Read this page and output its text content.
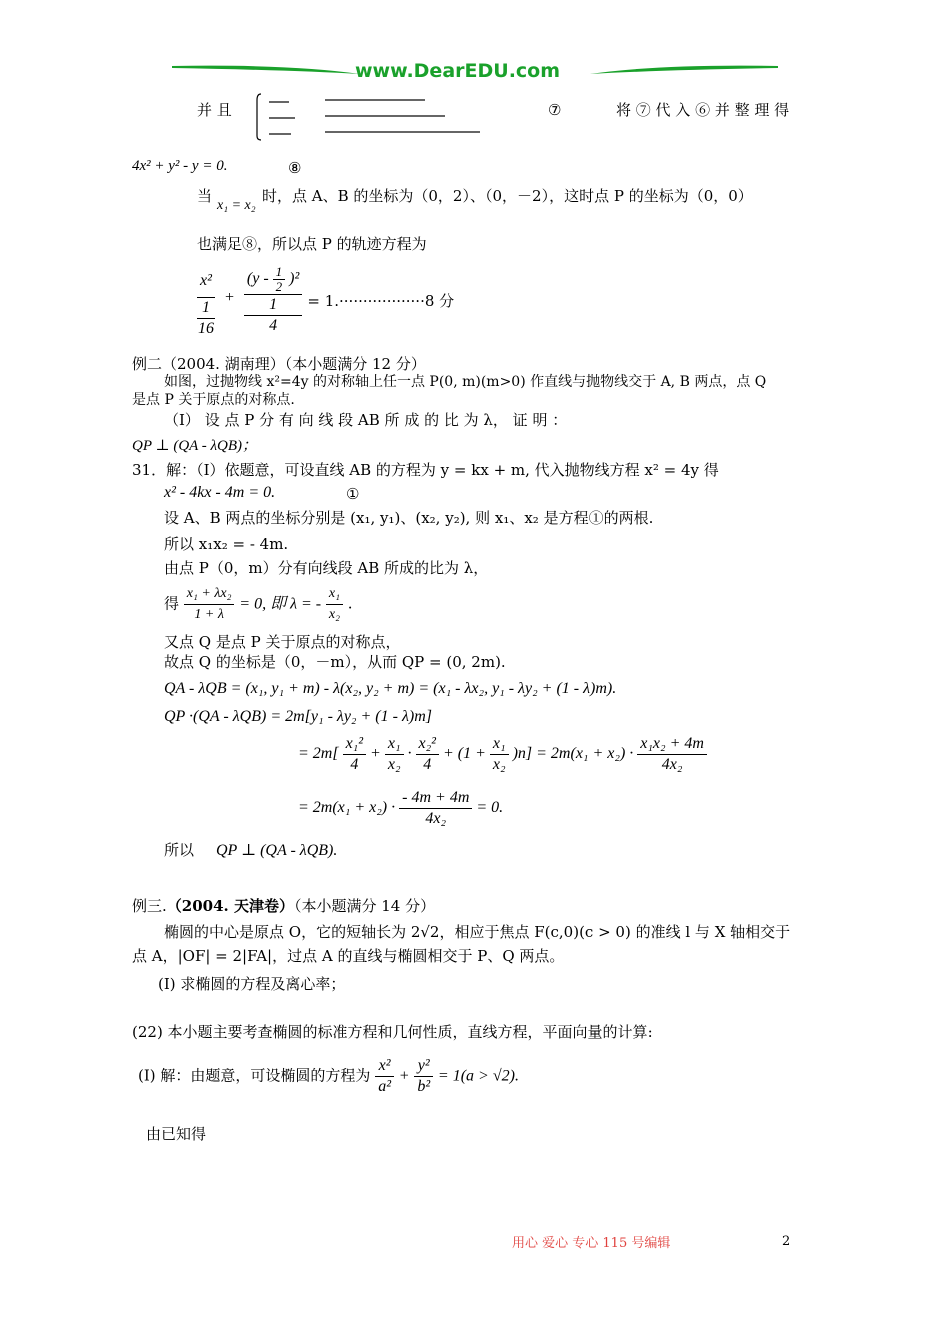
www.DearEDU.com
并 且	⑦	将 ⑦ 代 入 ⑥ 并 整 理 得
4x² + y² - y = 0.	⑧
当
x₁ = x₂
时，点 A、B 的坐标为（0，2）、（0，－2），这时点 P 的坐标为（0，0）
也满足⑧，所以点 P 的轨迹方程为
x²
1
$16 + (y - \frac{1}{2} )^2$
1
4 = 1.··················8 分
例二（2004. 湖南理）（本小题满分 12 分）
如图，过抛物线 x²=4y 的对称轴上任一点 P(0, m)(m>0) 作直线与抛物线交于 A, B 两点，点 Q
是点 P 关于原点的对称点.
（Ⅰ） 设 点 P 分 有 向 线 段 AB 所 成 的 比 为 λ， 证 明 ：
QP ⊥ (QA - λQB)；
31．解：（Ⅰ）依题意，可设直线 AB 的方程为 y = kx + m, 代入抛物线方程 x² = 4y 得
x² - 4kx - 4m = 0.	①
设 A、B 两点的坐标分别是 (x₁, y₁)、(x₂, y₂), 则 x₁、x₂ 是方程①的两根.
所以 x₁x₂ = - 4m.
由点 P（0，m）分有向线段 AB 所成的比为 λ，
得 $\frac{\text{x₁ + λx₂}}{1 + \lambda} = 0$, 即 λ = - $\frac{\text{x₁}}{\text{x₂}}$ .
又点 Q 是点 P 关于原点的对称点，
故点 Q 的坐标是（0，－m），从而 QP = (0, 2m).
QA - λQB = (x₁, y₁ + m) - λ(x₂, y₂ + m) = (x₁ - λx₂, y₁ - λy₂ + (1 - λ)m).
QP ·(QA - λQB) = 2m[y₁ - λy₂ + (1 - λ)m]
= $2m[ \frac{\text{x₁²}}{4} + \frac{\text{x₁}}{\text{x₂}} \cdot \frac{\text{x₂²}}{4} + (1 + \frac{\text{x₁}}{\text{x₂}} )n] = 2m(x_1 + x_2) \cdot \frac{\text{x₁x₂ + 4m}}{\text{4x₂}}$
= $2m(x_1 + x_2) \cdot \frac{- 4m + 4m}{\text{4x₂}} = 0$.
所以 QP ⊥ (QA - λQB).
例三.（2004. 天津卷）（本小题满分 14 分）
椭圆的中心是原点 O，它的短轴长为 2√2，相应于焦点 F(c,0)(c > 0) 的准线 l 与 X 轴相交于
点 A，|OF| = 2|FA|，过点 A 的直线与椭圆相交于 P、Q 两点。
(I) 求椭圆的方程及离心率；
(22) 本小题主要考查椭圆的标准方程和几何性质，直线方程，平面向量的计算:
(I) 解：由题意，可设椭圆的方程为 $\frac{\text{x²}}{\text{a²}} + \frac{\text{y²}}{\text{b²}} = 1(a > √2)$.
由已知得
用心 爱心 专心 115 号编辑	2
